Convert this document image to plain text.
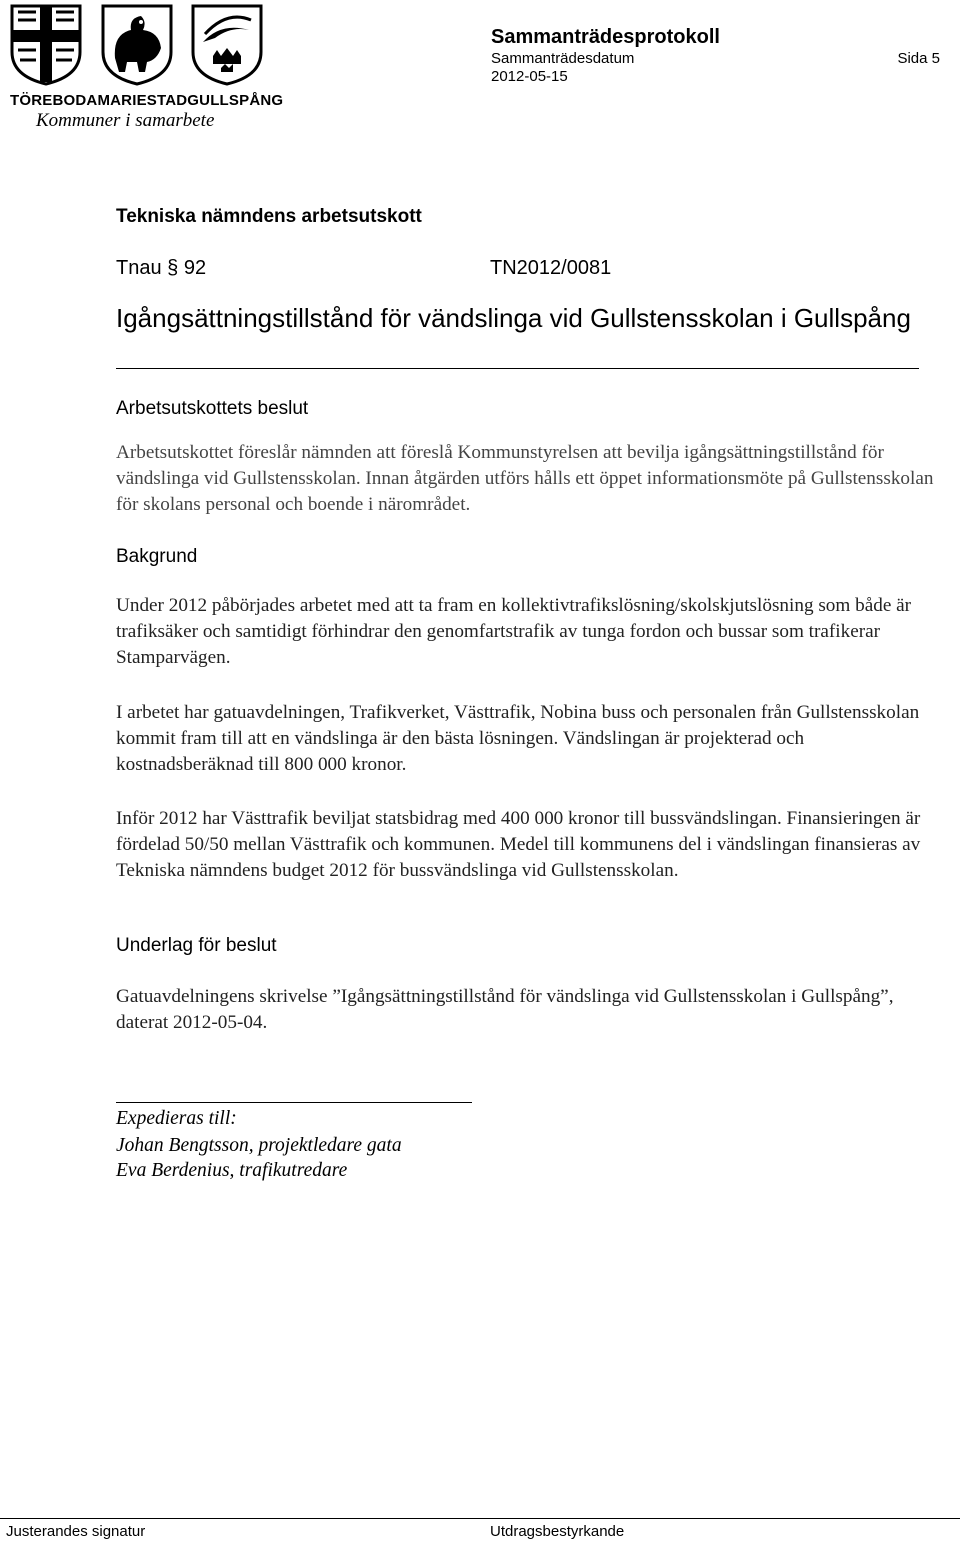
TÖREBODA MARIESTAD GULLSPÅNG
Kommuner i samarbete
Sammanträdesprotokoll
Sammanträdesdatum
2012-05-15
Sida 5
Tekniska nämndens arbetsutskott
Tnau § 92	TN2012/0081
Igångsättningstillstånd för vändslinga vid Gullstensskolan i Gullspång
Arbetsutskottets beslut
Arbetsutskottet föreslår nämnden att föreslå Kommunstyrelsen att bevilja igångsättningstillstånd för vändslinga vid Gullstensskolan. Innan åtgärden utförs hålls ett öppet informationsmöte på Gullstensskolan för skolans personal och boende i närområdet.
Bakgrund
Under 2012 påbörjades arbetet med att ta fram en kollektivtrafikslösning/skolskjutslösning som både är trafiksäker och samtidigt förhindrar den genomfartstrafik av tunga fordon och bussar som trafikerar Stamparvägen.
I arbetet har gatuavdelningen, Trafikverket, Västtrafik, Nobina buss och personalen från Gullstensskolan kommit fram till att en vändslinga är den bästa lösningen. Vändslingan är projekterad och kostnadsberäknad till 800 000 kronor.
Inför 2012 har Västtrafik beviljat statsbidrag med 400 000 kronor till bussvändslingan. Finansieringen är fördelad 50/50 mellan Västtrafik och kommunen. Medel till kommunens del i vändslingan finansieras av Tekniska nämndens budget 2012 för bussvändslinga vid Gullstensskolan.
Underlag för beslut
Gatuavdelningens skrivelse ”Igångsättningstillstånd för vändslinga vid Gullstensskolan i Gullspång”, daterat 2012-05-04.
Expedieras till:
Johan Bengtsson, projektledare gata
Eva Berdenius, trafikutredare
Justerandes signatur	Utdragsbestyrkande
